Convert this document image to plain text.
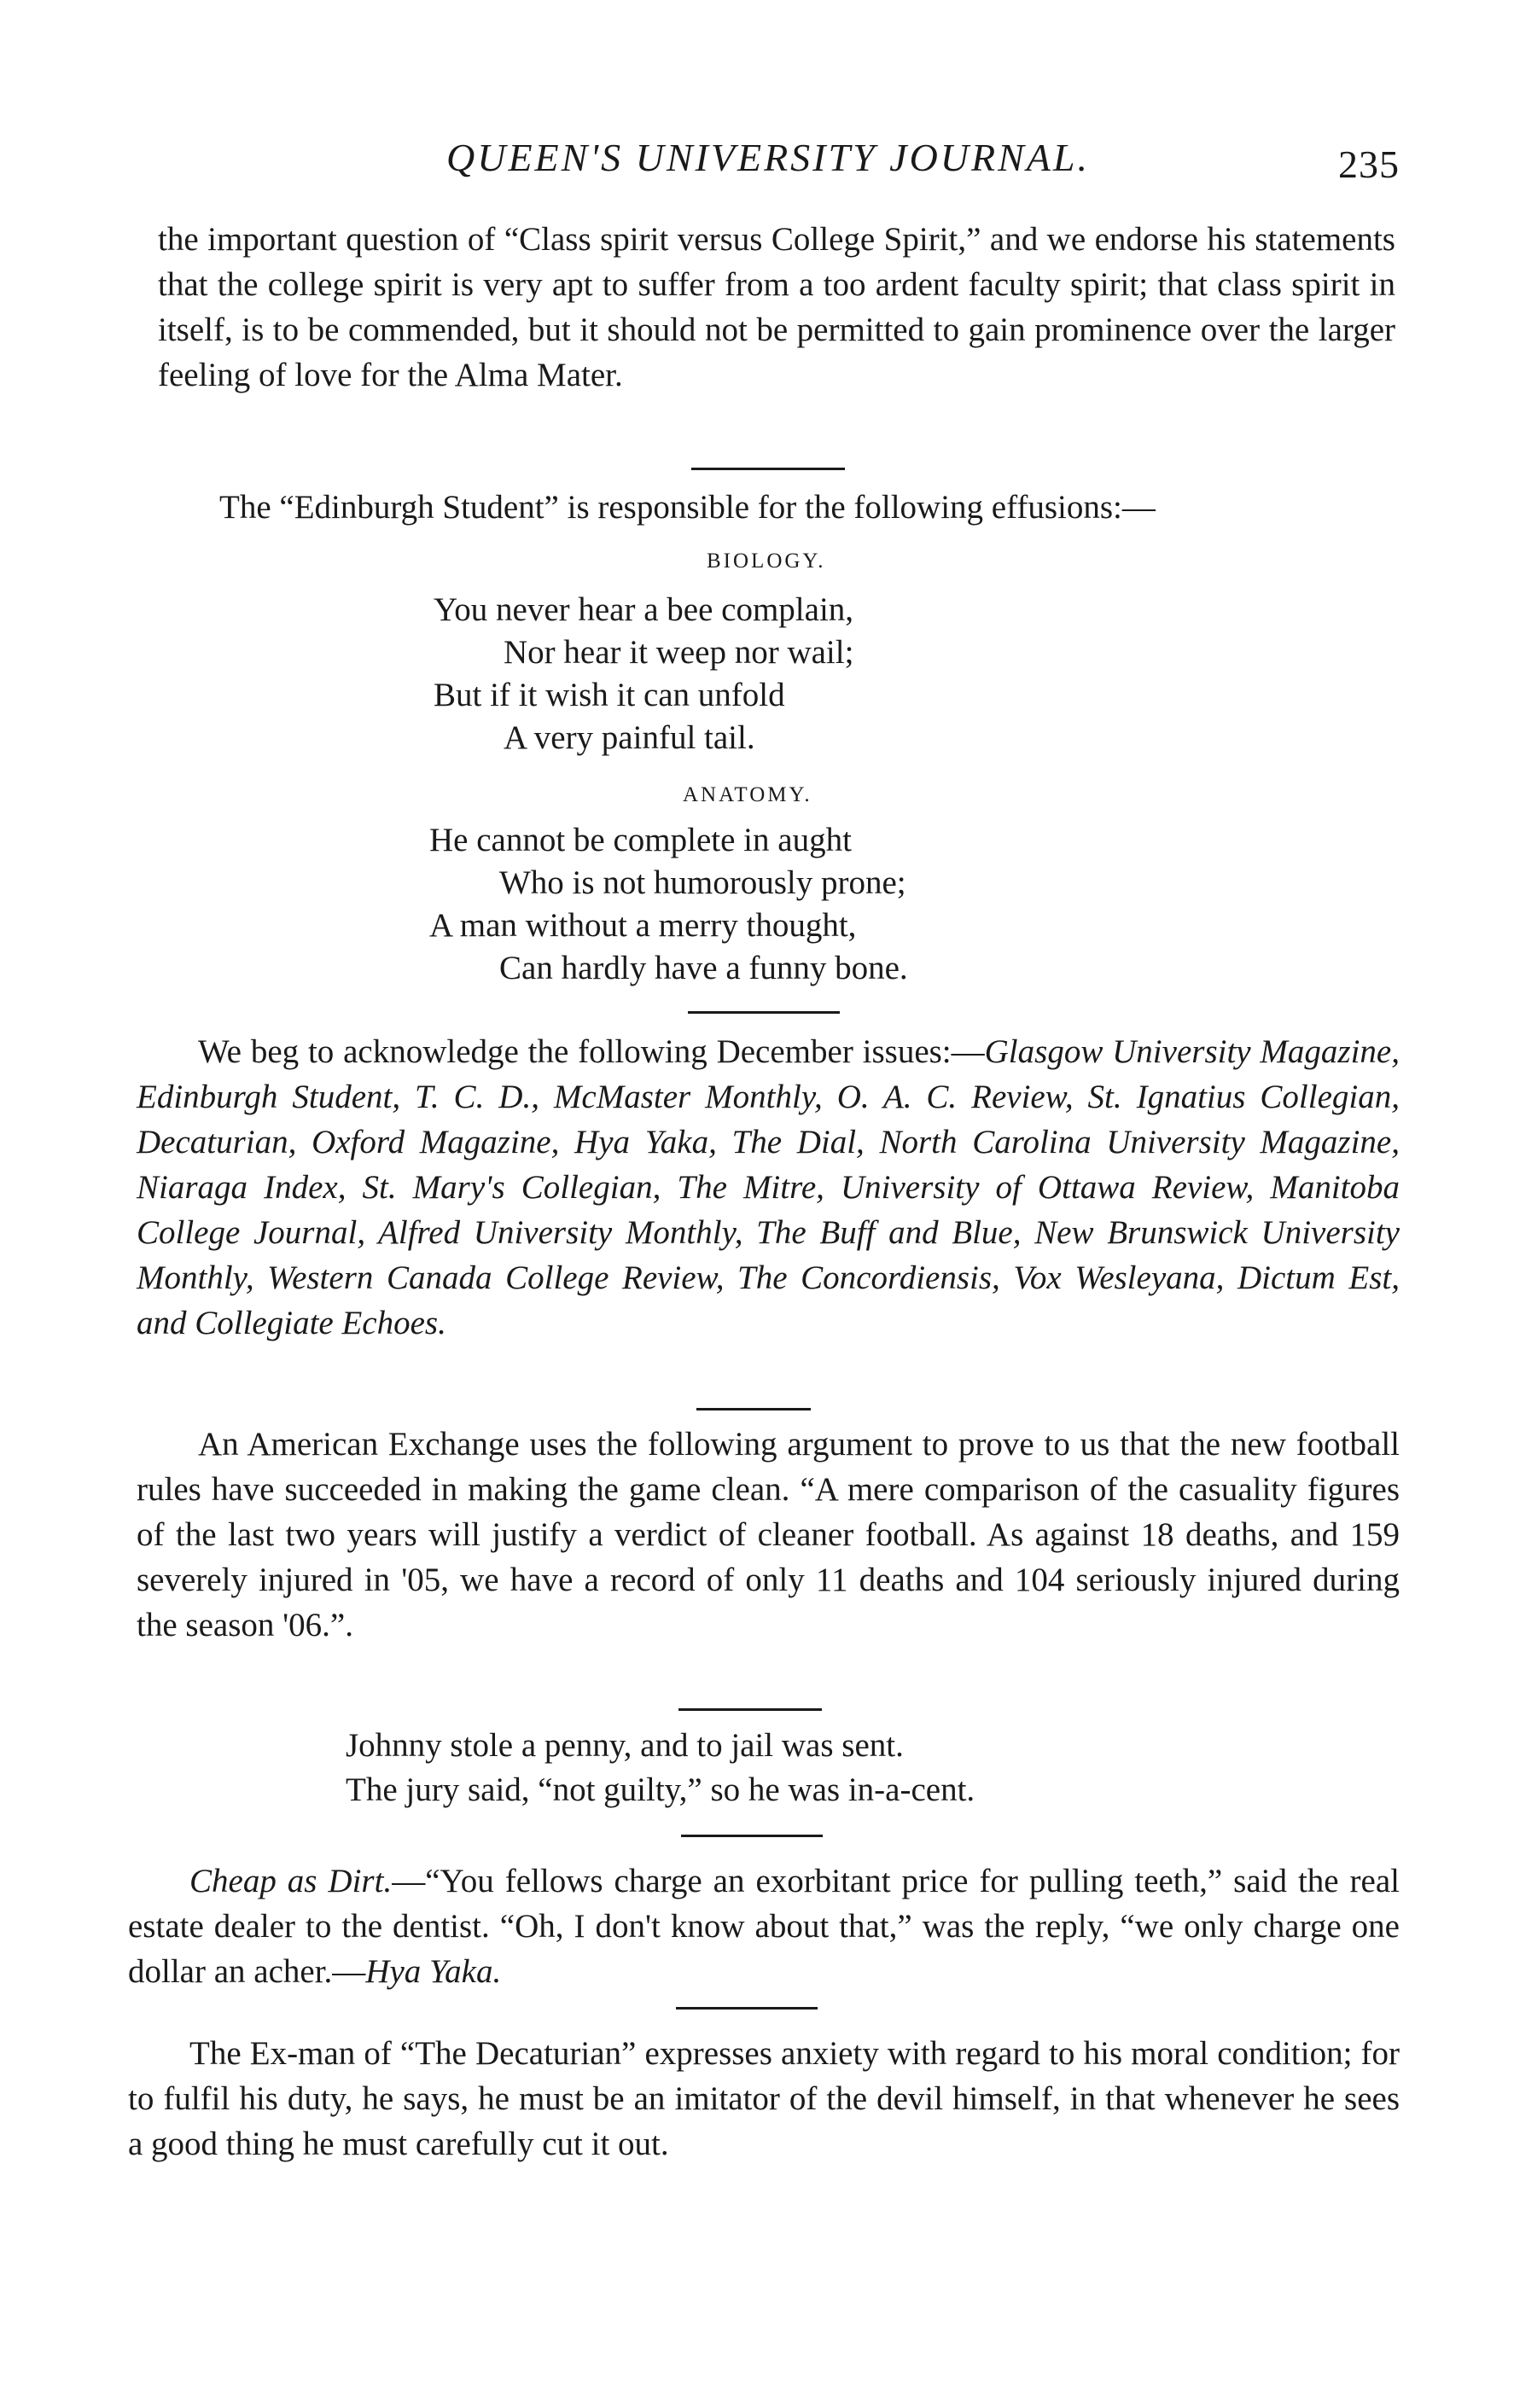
QUEEN'S UNIVERSITY JOURNAL.	235

the important question of “Class spirit versus College Spirit,” and we endorse his statements that the college spirit is very apt to suffer from a too ardent faculty spirit; that class spirit in itself, is to be commended, but it should not be permitted to gain prominence over the larger feeling of love for the Alma Mater.

The “Edinburgh Student” is responsible for the following effusions:—

BIOLOGY.
You never hear a bee complain,
Nor hear it weep nor wail;
But if it wish it can unfold
A very painful tail.
ANATOMY.
He cannot be complete in aught
Who is not humorously prone;
A man without a merry thought,
Can hardly have a funny bone.

We beg to acknowledge the following December issues:—Glasgow University Magazine, Edinburgh Student, T. C. D., McMaster Monthly, O. A. C. Review, St. Ignatius Collegian, Decaturian, Oxford Magazine, Hya Yaka, The Dial, North Carolina University Magazine, Niaraga Index, St. Mary's Collegian, The Mitre, University of Ottawa Review, Manitoba College Journal, Alfred University Monthly, The Buff and Blue, New Brunswick University Monthly, Western Canada College Review, The Concordiensis, Vox Wesleyana, Dictum Est, and Collegiate Echoes.

An American Exchange uses the following argument to prove to us that the new football rules have succeeded in making the game clean. “A mere comparison of the casuality figures of the last two years will justify a verdict of cleaner football. As against 18 deaths, and 159 severely injured in '05, we have a record of only 11 deaths and 104 seriously injured during the season '06.”.

Johnny stole a penny, and to jail was sent.
The jury said, “not guilty,” so he was in-a-cent.

Cheap as Dirt.—“You fellows charge an exorbitant price for pulling teeth,” said the real estate dealer to the dentist. “Oh, I don't know about that,” was the reply, “we only charge one dollar an acher.—Hya Yaka.

The Ex-man of “The Decaturian” expresses anxiety with regard to his moral condition; for to fulfil his duty, he says, he must be an imitator of the devil himself, in that whenever he sees a good thing he must carefully cut it out.
